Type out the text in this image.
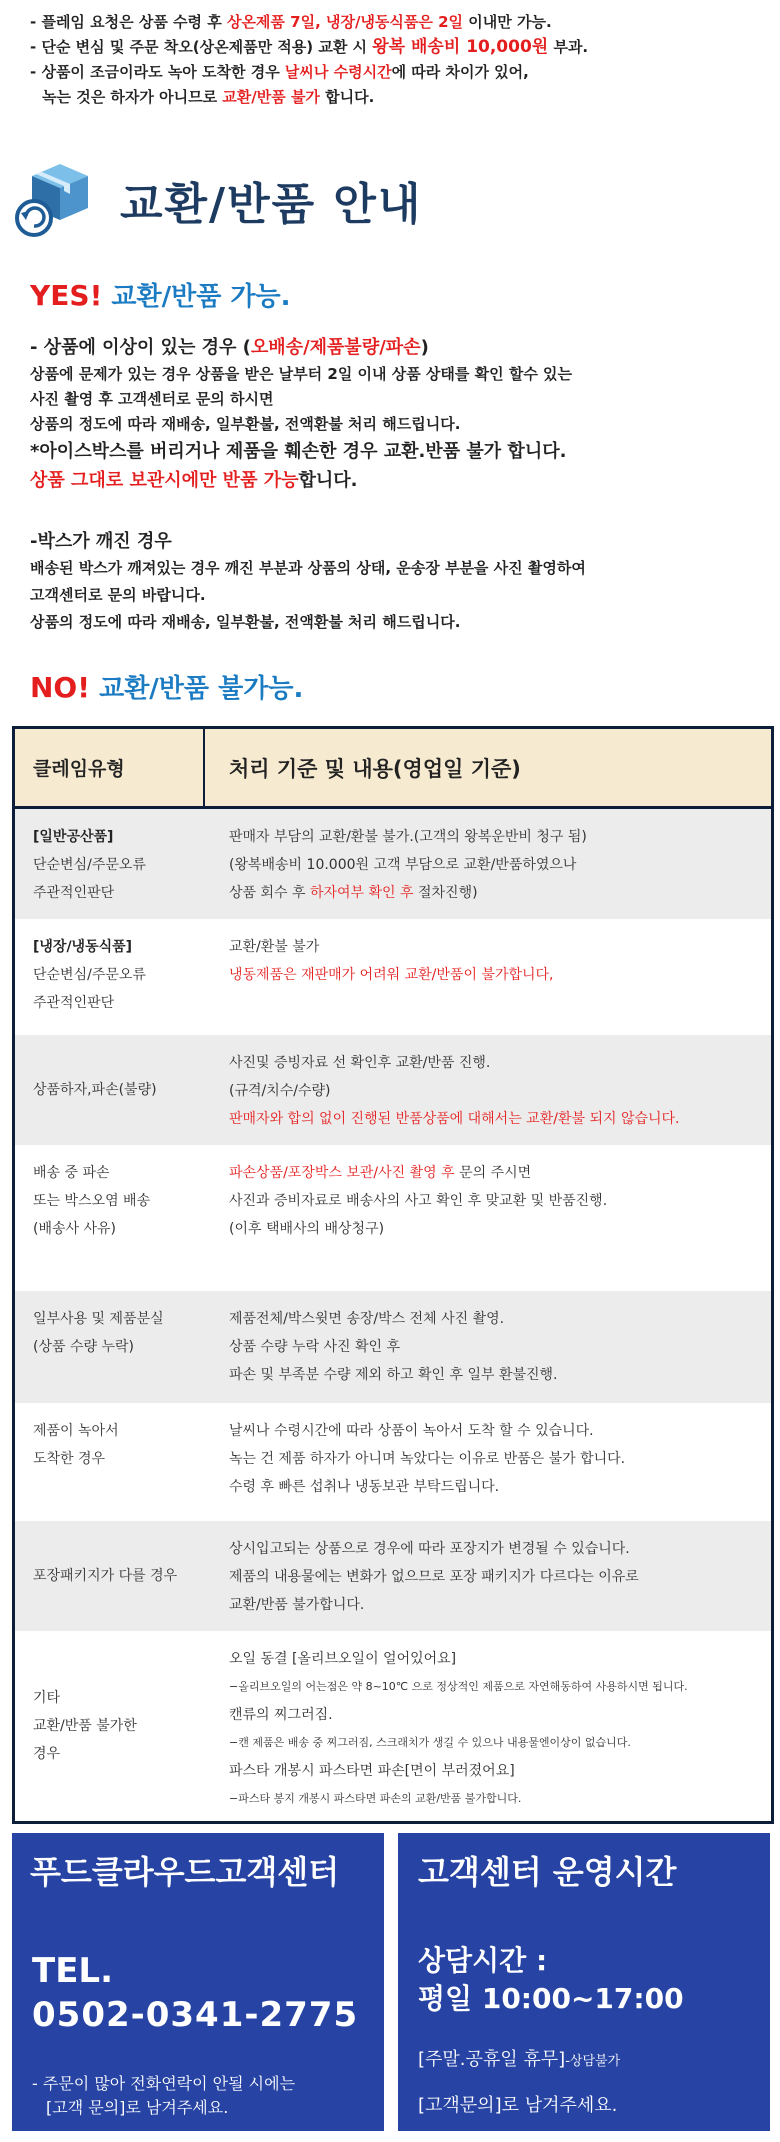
- 플레임 요청은 상품 수령 후 상온제품 7일, 냉장/냉동식품은 2일 이내만 가능.
- 단순 변심 및 주문 착오(상온제품만 적용) 교환 시 왕복 배송비 10,000원 부과.
- 상품이 조금이라도 녹아 도착한 경우 날씨나 수령시간에 따라 차이가 있어,
녹는 것은 하자가 아니므로 교환/반품 불가 합니다.
교환/반품 안내
YES! 교환/반품 가능.
- 상품에 이상이 있는 경우 (오배송/제품불량/파손)
상품에 문제가 있는 경우 상품을 받은 날부터 2일 이내 상품 상태를 확인 할수 있는
사진 촬영 후 고객센터로 문의 하시면
상품의 정도에 따라 재배송, 일부환불, 전액환불 처리 해드립니다.
*아이스박스를 버리거나 제품을 훼손한 경우 교환.반품 불가 합니다.
상품 그대로 보관시에만 반품 가능합니다.
-박스가 깨진 경우
배송된 박스가 깨져있는 경우 깨진 부분과 상품의 상태, 운송장 부분을 사진 촬영하여
고객센터로 문의 바랍니다.
상품의 정도에 따라 재배송, 일부환불, 전액환불 처리 해드립니다.
NO! 교환/반품 불가능.
클레임유형	처리 기준 및 내용(영업일 기준)
[일반공산품]
단순변심/주문오류
주관적인판단
판매자 부담의 교환/환불 불가.(고객의 왕복운반비 청구 됨)
(왕복배송비 10.000원 고객 부담으로 교환/반품하였으나
상품 회수 후 하자여부 확인 후 절차진행)
[냉장/냉동식품]
단순변심/주문오류
주관적인판단
교환/환불 불가
냉동제품은 재판매가 어려워 교환/반품이 불가합니다,
상품하자,파손(불량)
사진및 증빙자료 선 확인후 교환/반품 진행.
(규격/치수/수량)
판매자와 합의 없이 진행된 반품상품에 대해서는 교환/환불 되지 않습니다.
배송 중 파손
또는 박스오염 배송
(배송사 사유)
파손상품/포장박스 보관/사진 촬영 후 문의 주시면
사진과 증비자료로 배송사의 사고 확인 후 맞교환 및 반품진행.
(이후 택배사의 배상청구)
일부사용 및 제품분실
(상품 수량 누락)
제품전체/박스윗면 송장/박스 전체 사진 촬영.
상품 수량 누락 사진 확인 후
파손 및 부족분 수량 제외 하고 확인 후 일부 환불진행.
제품이 녹아서
도착한 경우
날씨나 수령시간에 따라 상품이 녹아서 도착 할 수 있습니다.
녹는 건 제품 하자가 아니며 녹았다는 이유로 반품은 불가 합니다.
수령 후 빠른 섭취나 냉동보관 부탁드립니다.
포장패키지가 다를 경우
상시입고되는 상품으로 경우에 따라 포장지가 변경될 수 있습니다.
제품의 내용물에는 변화가 없으므로 포장 패키지가 다르다는 이유로
교환/반품 불가합니다.
기타
교환/반품 불가한
경우
오일 동결 [올리브오일이 얼어있어요]
−올리브오일의 어는점은 약 8~10℃ 으로 정상적인 제품으로 자연해동하여 사용하시면 됩니다.
캔류의 찌그러짐.
−캔 제품은 배송 중 찌그러짐, 스크래치가 생길 수 있으나 내용물엔이상이 없습니다.
파스타 개봉시 파스타면 파손[면이 부러졌어요]
−파스타 봉지 개봉시 파스타면 파손의 교환/반품 불가합니다.
푸드클라우드고객센터
TEL.
0502-0341-2775
- 주문이 많아 전화연락이 안될 시에는
[고객 문의]로 남겨주세요.
고객센터 운영시간
상담시간 :
평일 10:00~17:00
[주말.공휴일 휴무]-상담불가
[고객문의]로 남겨주세요.
